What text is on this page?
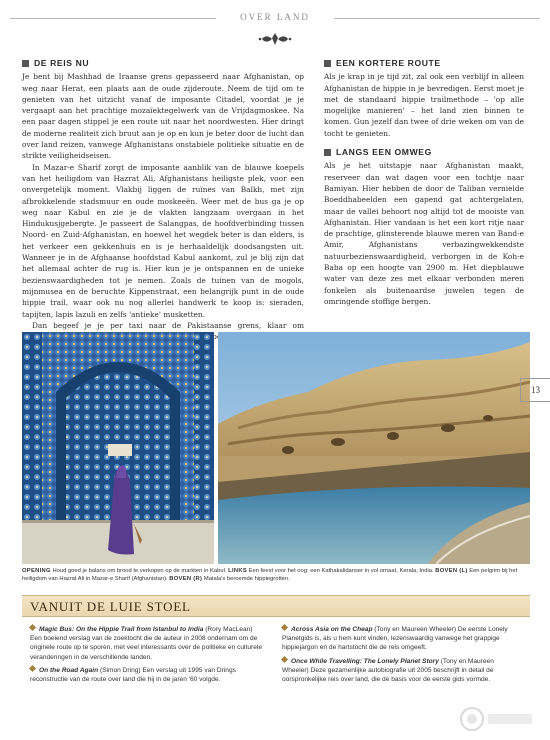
OVER LAND
DE REIS NU

Je bent bij Mashhad de Iraanse grens gepasseerd naar Afghanistan, op weg naar Herat, een plaats aan de oude zijderoute. Neem de tijd om te genieten van het uitzicht vanaf de imposante Citadel, voordat je je vergaapt aan het prachtige mozaïektegelwerk van de Vrijdagmoskee. Na een paar dagen stippel je een route uit naar het noordwesten. Hier dringt de moderne realiteit zich bruut aan je op en kun je beter door de lucht dan over land reizen, vanwege Afghanistans onstabiele politieke situatie en de strikte veiligheidseisen.

In Mazar-e Sharif zorgt de imposante aanblik van de blauwe koepels van het heiligdom van Hazrat Ali, Afghanistans heiligste plek, voor een onvergetelijk moment. Vlakbij liggen de ruïnes van Balkh, met zijn afbrokkelende stadsmuur en oude moskeeën. Weer met de bus ga je op weg naar Kabul en zie je de vlakten langzaam overgaan in het Hindukusjgebergte. Je passeert de Salangpas, de hoofdverbinding tussen Noord- en Zuid-Afghanistan, en hoewel het wegdek beter is dan elders, is het verkeer een gekkenhuis en is je herhaaldelijk doodsangsten uit. Wanneer je in de Afghaanse hoofdstad Kabul aankomt, zul je blij zijn dat het allemaal achter de rug is. Hier kun je je ontspannen en de unieke bezienswaardigheden tot je nemen. Zoals de tuinen van de mogols, mijnmusea en de beruchte Kippenstraat, een belangrijk punt in de oude hippie trail, waar ook nu nog allerlei handwerk te koop is: sieraden, tapijten, lapis lazuli en zelfs 'antieke' musketten.

Dan begeef je je per taxi naar de Pakistaanse grens, klaar om

EEN KORTERE ROUTE

Als je krap in je tijd zit, zal ook een verblijf in alleen Afghanistan de hippie in je bevredigen. Eerst moet je met de standaard hippie trailmethode – 'op alle mogelijke manieren' – het land zien binnen te komen. Gun jezelf dan twee of drie weken om van de tocht te genieten.

LANGS EEN OMWEG

Als je het uitstapje naar Afghanistan maakt, reserveer dan wat dagen voor een tochtje naar Bamiyan. Hier hebben de door de Taliban vernielde Boeddhabeelden een gapend gat achtergelaten, maar de vallei behoort nog altijd tot de mooiste van Afghanistan. Hier vandaan is het een kort ritje naar de prachtige, glinsterende blauwe meren van Band-e Amir, Afghanistans verbazingwekkendste natuurbezienswaardigheid, verborgen in de Koh-e Baba op een hoogte van 2900 m. Het diepblauwe water van deze zes met elkaar verbonden meren fonkelen als buitenaardse juwelen tegen de omringende stoffige bergen.

13
OPENING Houd goed je balans om brood te verkopen op de markten in Kabul. LINKS Een feest voor het oog: een Kathakalidanser in vol ornaat, Kerala, India. BOVEN (L) Een pelgrim bij het heiligdom van Hazrat Ali in Mazar-e Sharif (Afghanistan). BOVEN (R) Matala's beroemde hippiegrotten.
VANUIT DE LUIE STOEL
Magic Bus: On the Hippie Trail from Istanbul to India (Rory MacLean) Een boeiend verslag van de zoektocht die de auteur in 2008 ondernam om de originele route op te sporen, met veel interessants over de politieke en culturele veranderingen in de verschillende landen.
On the Road Again (Simon Dring) Een verslag uit 1995 van Drings reconstructie van de route over land die hij in de jaren '60 volgde.
Across Asia on the Cheap (Tony en Maureen Wheeler) De eerste Lonely Planetgids is, als u hem kunt vinden, lezenswaardig vanwege het grappige hippiejargon en de hartstocht die de reis omgeeft.
Once While Travelling: The Lonely Planet Story (Tony en Maureen Wheeler) Deze gezamenlijke autobiografie uit 2005 beschrijft in detail de oorspronkelijke reis over land, die de basis voor de eerste gids vormde.
